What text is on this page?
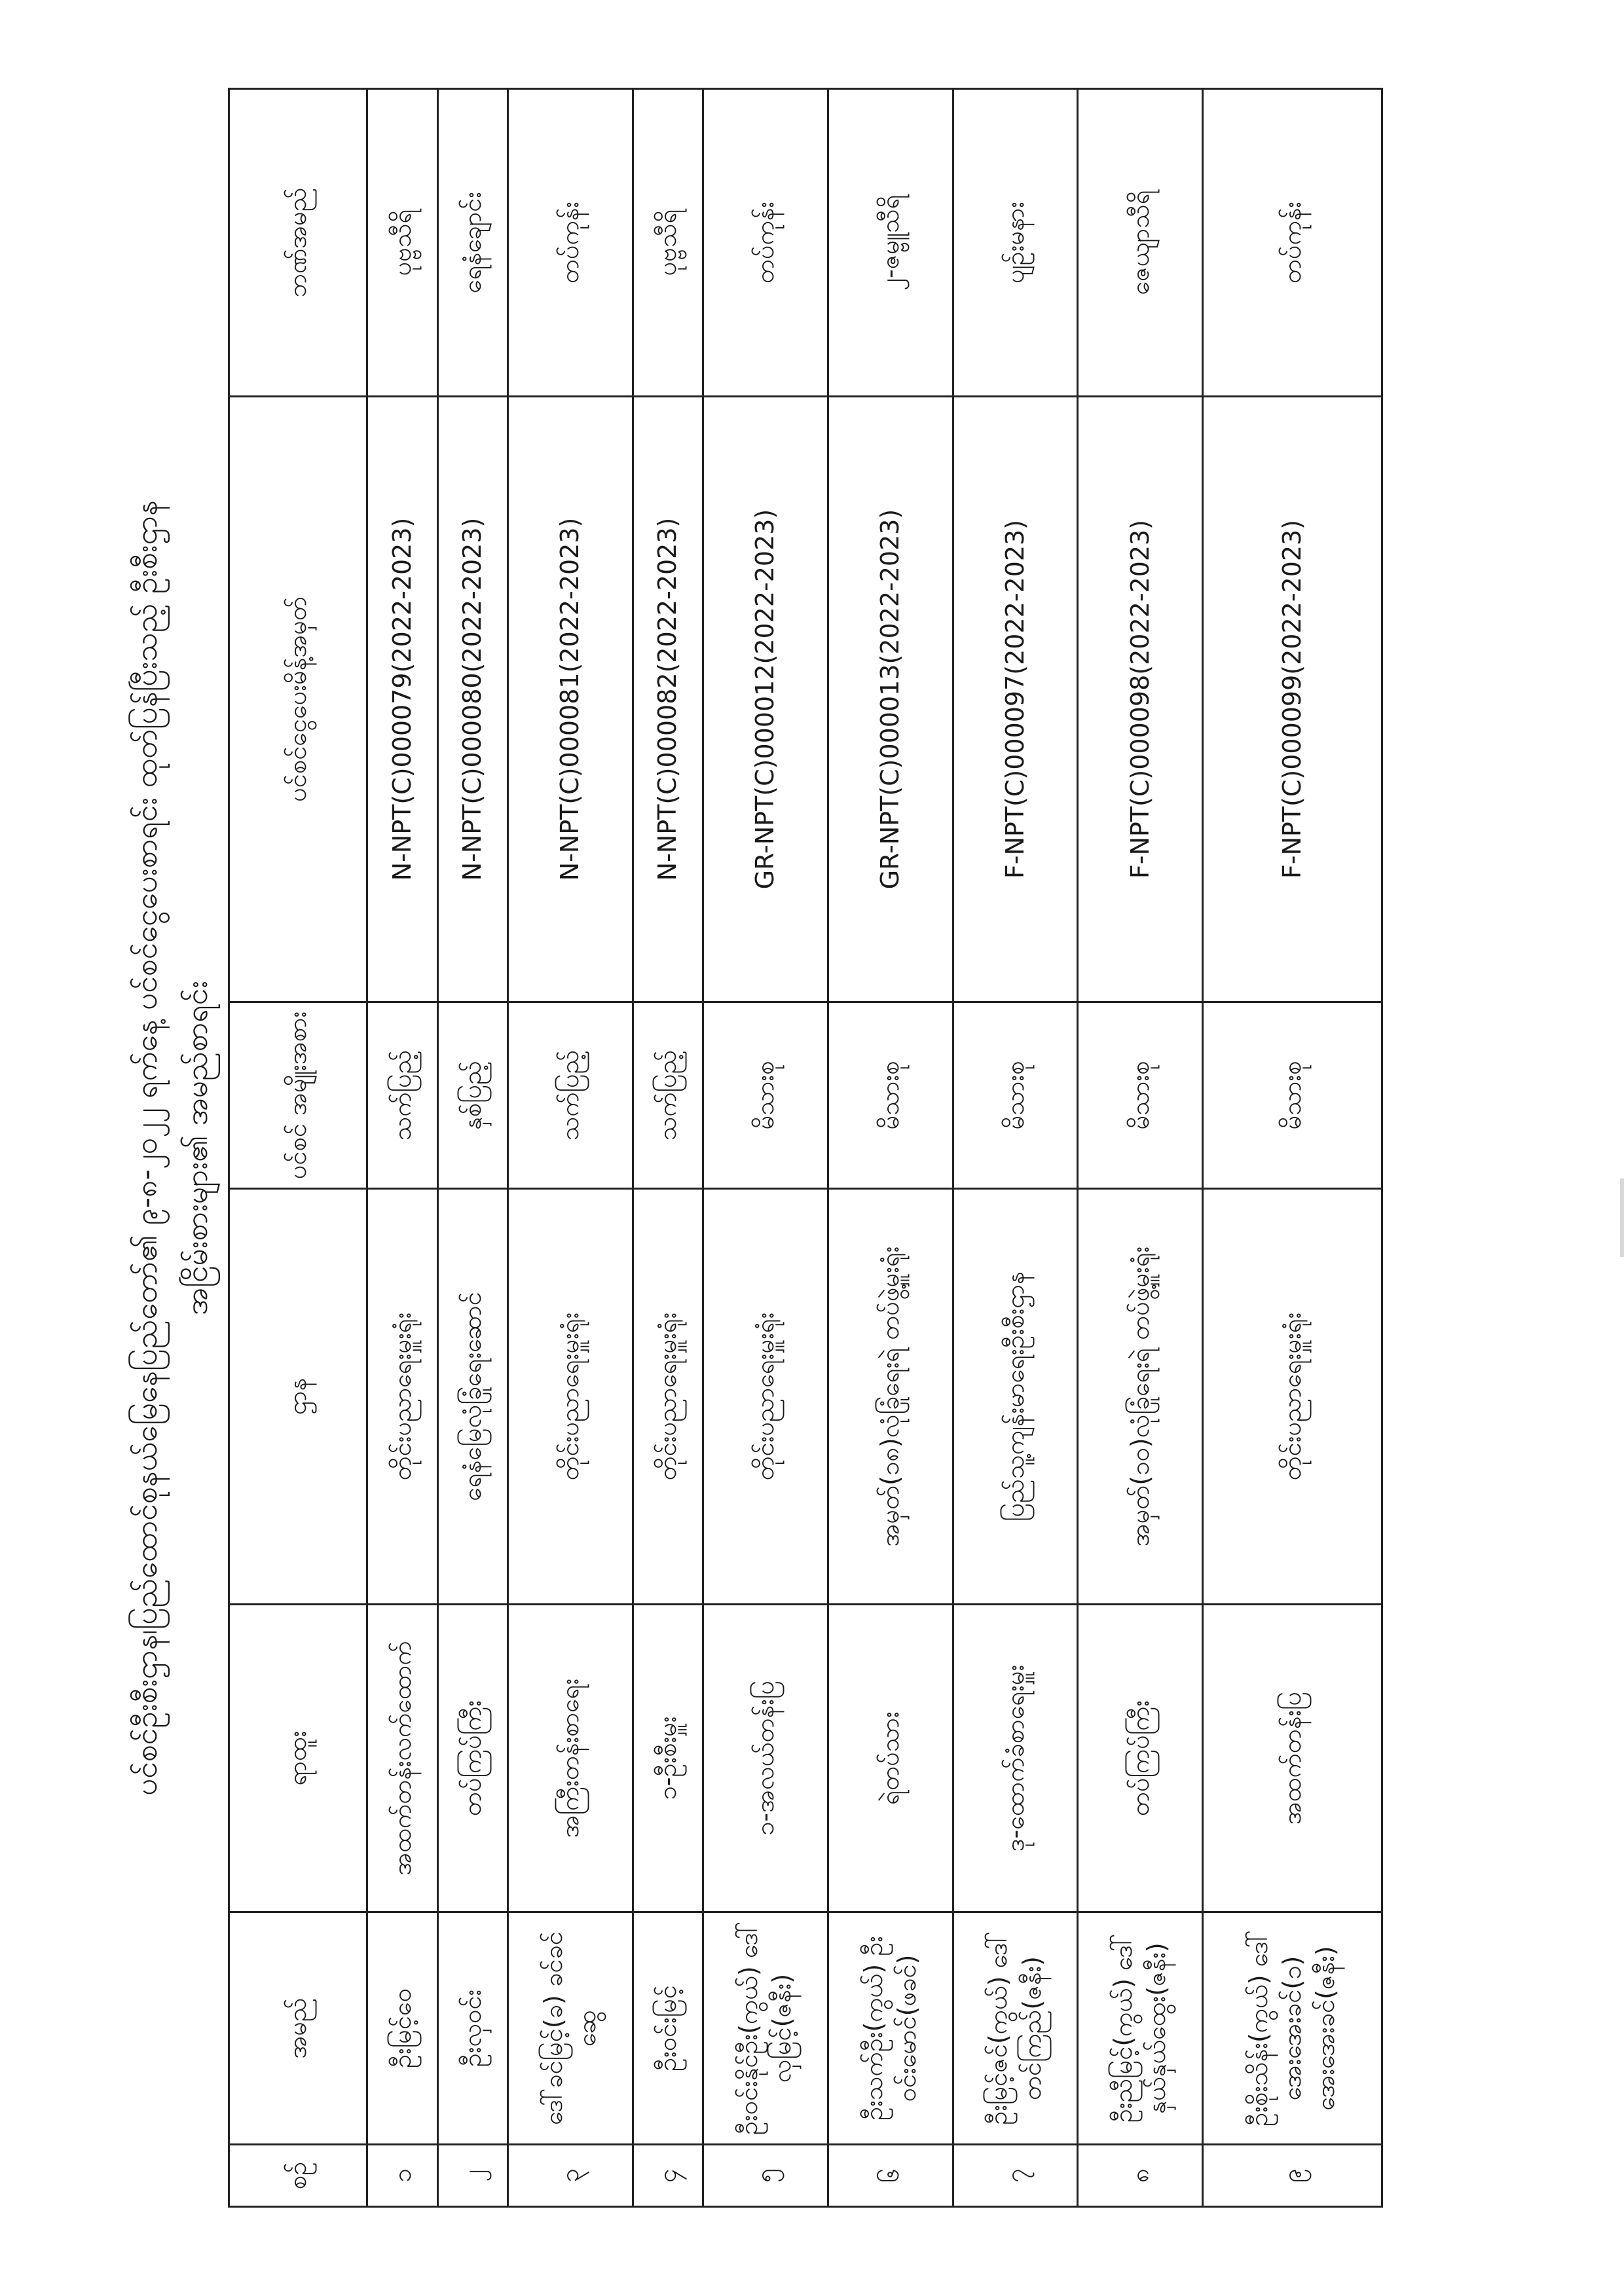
ပင်စင်ဦးစီးဌာန၊ပြည်ထောင်စုနယ်မြေနေပြည်တော်၏ ၉-၈-၂၀၂၂ ရက်နေ့ ပင်စင်ငွေပေးစာရင်း ထုတ်ပြန်ပြီးသည့် ဦးစီးဌာန အငြိမ်းစားများ၏ အမည်စာရင်း
စဉ်	အမည်	ရာထူး	ဌာန	ပင်စင် အမျိုးအစား	ပင်စင်ငွေပေးမိန့်အမှတ်	ဘဏ်အမည်
၁	ဦးမြင့်ဝေ	အထက်တန်းလက်ထောက်	တိုင်းပညာရေးမှူးရုံး	သက်ပြည့်	N-NPT(C)000079(2022-2023)	ပုဗ္ဗသီရိ
၂	ဦးလှဝင်း	တပ်ကြပ်ကြီး	ရေနံမြေလုံခြုံရေးဆောင်	နှစ်ပြည့်	N-NPT(C)000080(2022-2023)	ရေနံချောင်း
၃	ဒေါ်ခင်မြင့်(ခ) ခင်ခင်ဆွေ	အကြီးတန်းစာရေး	တိုင်းပညာရေးမှူးရုံး	သက်ပြည့်	N-NPT(C)000081(2022-2023)	တပ်ကုန်း
၄	ဦးဝင်းမြင့်	၁-ဦးစီးမှူး	တိုင်းပညာရေးမှူးရုံး	သက်ပြည့်	N-NPT(C)000082(2022-2023)	ပုဗ္ဗသီရိ
၅	ဦးဝင်းနိုင်ဦး(ကွယ်) ဒေါ်လှမြင့်(ဇနီး)	၁-အလယ်တန်းပြ	တိုင်းပညာရေးမှူးရုံး	မိသားစု	GR-NPT(C)000012(2022-2023)	တပ်ကုန်း
၆	ဦးသက်ဦး(ကွယ်) ဦးဝင်းမောင်(ဖခင်)	ရဲတပ်သား	အမှတ်(၁၈)လုံခြုံရေးရဲ တပ်ဖွဲ့မှူးရုံး	မိသားစု	GR-NPT(C)000013(2022-2023)	၂-ဇမ္ဗူသီရိ
၇	ဦးမြင့်ဇင်(ကွယ်) ဒေါ်တင်ကြည်(ဇနီး)	ဒု-ထောက်ခံစာရေးမှူး	ပြည်သူ့ကျန်းမာရေးဦးစီးဌာန	မိသားစု	F-NPT(C)000097(2022-2023)	ပျဉ်းမနား
၈	ဦးညီမြင့်(ကွယ်) ဒေါ်နှယ်နှယ်ထွေး(ဇနီး)	တပ်ကြပ်ကြီး	အမှတ်(၁၀)လုံခြုံရေးရဲ တပ်ဖွဲ့မှူးရုံး	မိသားစု	F-NPT(C)000098(2022-2023)	ဇေယျာသီရိ
၉	ဦးစိုးသိန်း(ကွယ်) ဒေါ်အေးအေးခင်(၁) အေးအေးခင်(ဇနီး)	အထက်တန်းပြ	တိုင်းပညာရေးမှူးရုံး	မိသားစု	F-NPT(C)000099(2022-2023)	တပ်ကုန်း
